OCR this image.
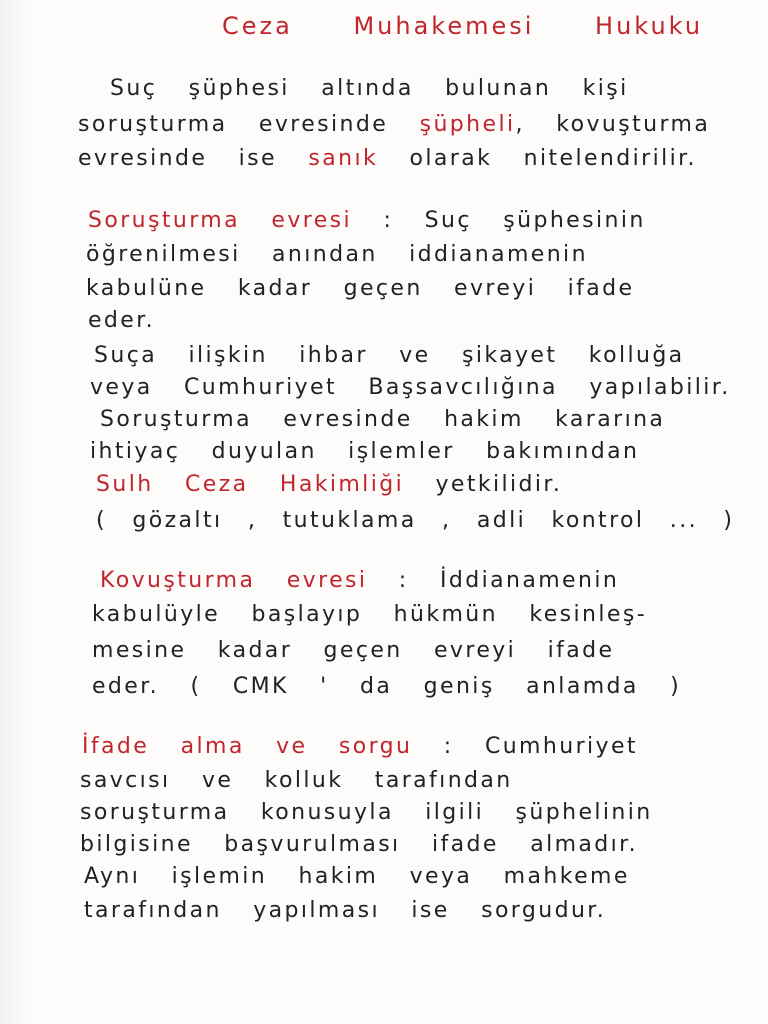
Ceza Muhakemesi Hukuku
Suç şüphesi altında bulunan kişi
soruşturma evresinde şüpheli, kovuşturma
evresinde ise sanık olarak nitelendirilir.
Soruşturma evresi : Suç şüphesinin
öğrenilmesi anından iddianamenin
kabulüne kadar geçen evreyi ifade
eder.
Suça ilişkin ihbar ve şikayet kolluğa
veya Cumhuriyet Başsavcılığına yapılabilir.
Soruşturma evresinde hakim kararına
ihtiyaç duyulan işlemler bakımından
Sulh Ceza Hakimliği yetkilidir.
( gözaltı , tutuklama , adli kontrol ... )
Kovuşturma evresi : İddianamenin
kabulüyle başlayıp hükmün kesinleş-
mesine kadar geçen evreyi ifade
eder. ( CMK ' da geniş anlamda )
İfade alma ve sorgu : Cumhuriyet
savcısı ve kolluk tarafından
soruşturma konusuyla ilgili şüphelinin
bilgisine başvurulması ifade almadır.
Aynı işlemin hakim veya mahkeme
tarafından yapılması ise sorgudur.
